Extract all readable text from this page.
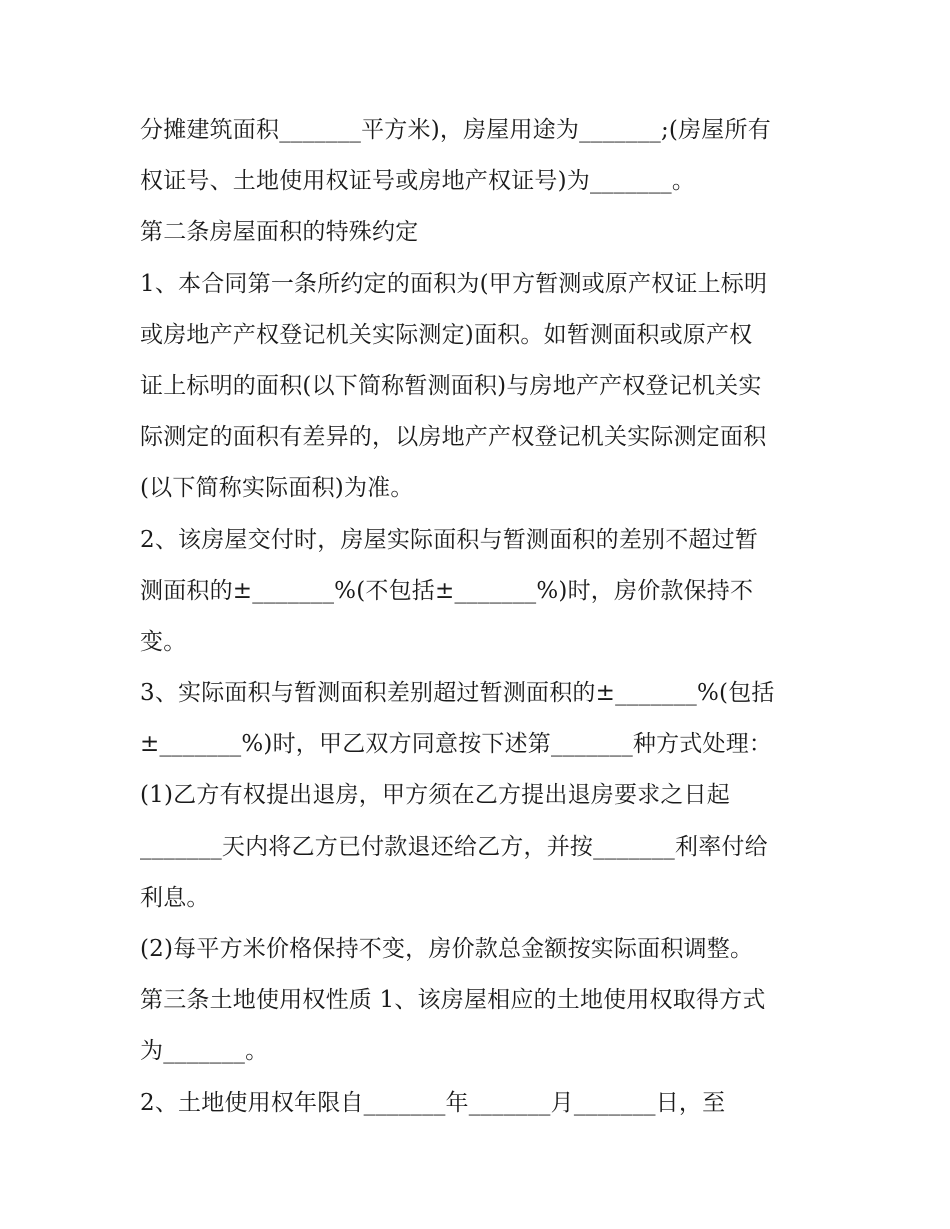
分摊建筑面积_______平方米)，房屋用途为_______;(房屋所有
权证号、土地使用权证号或房地产权证号)为_______。
第二条房屋面积的特殊约定
1、本合同第一条所约定的面积为(甲方暂测或原产权证上标明
或房地产产权登记机关实际测定)面积。如暂测面积或原产权
证上标明的面积(以下简称暂测面积)与房地产产权登记机关实
际测定的面积有差异的，以房地产产权登记机关实际测定面积
(以下简称实际面积)为准。
2、该房屋交付时，房屋实际面积与暂测面积的差别不超过暂
测面积的±_______%(不包括±_______%)时，房价款保持不
变。
3、实际面积与暂测面积差别超过暂测面积的±_______%(包括
±_______%)时，甲乙双方同意按下述第_______种方式处理：
(1)乙方有权提出退房，甲方须在乙方提出退房要求之日起
_______天内将乙方已付款退还给乙方，并按_______利率付给
利息。
(2)每平方米价格保持不变，房价款总金额按实际面积调整。
第三条土地使用权性质 1、该房屋相应的土地使用权取得方式
为_______。
2、土地使用权年限自_______年_______月_______日，至
